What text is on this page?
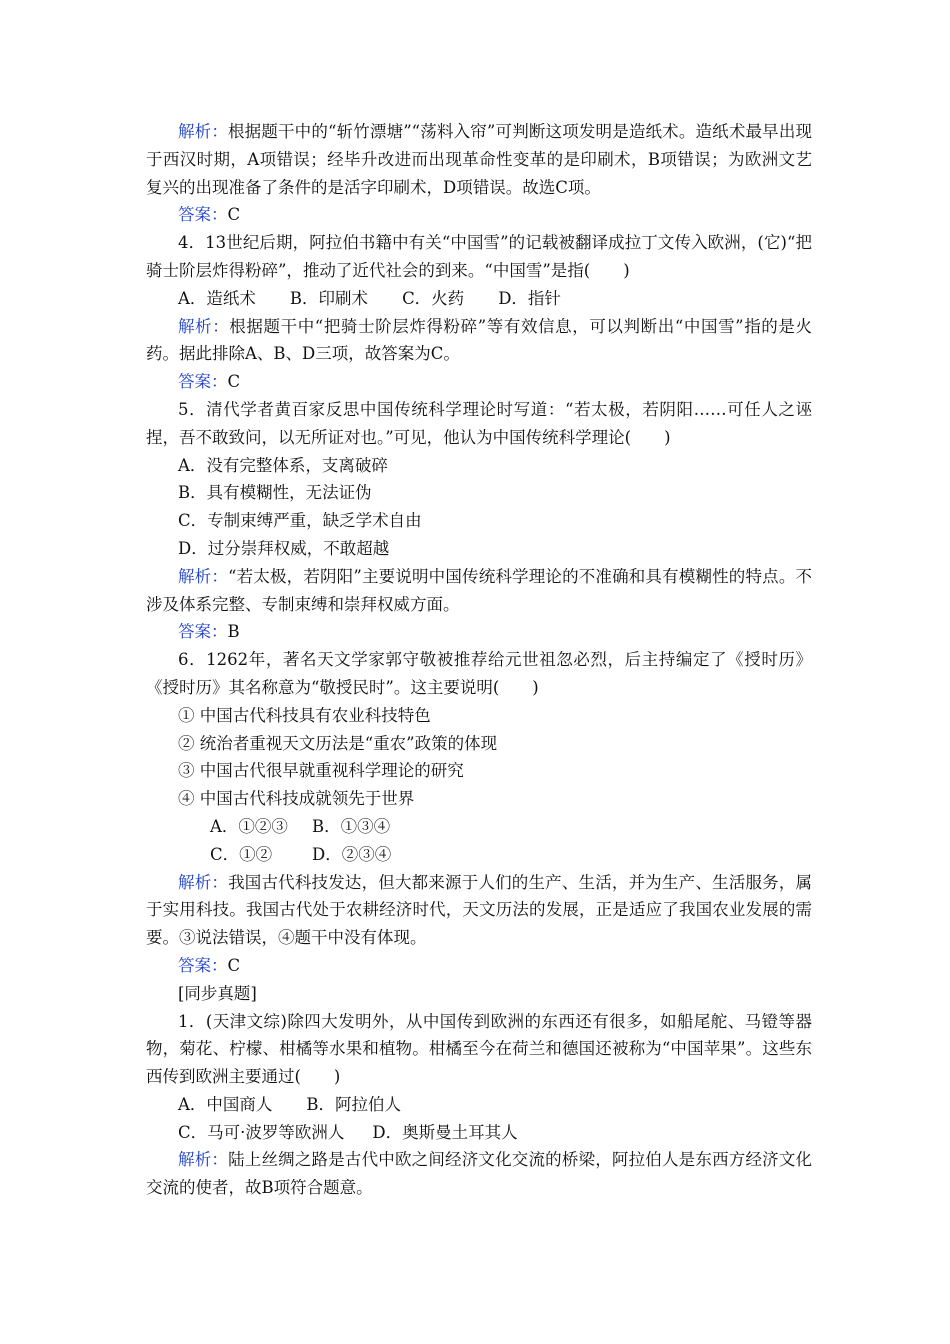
解析：根据题干中的“斩竹漂塘”“荡料入帘”可判断这项发明是造纸术。造纸术最早出现于西汉时期，A项错误；经毕升改进而出现革命性变革的是印刷术，B项错误；为欧洲文艺复兴的出现准备了条件的是活字印刷术，D项错误。故选C项。

答案：C

4．13世纪后期，阿拉伯书籍中有关“中国雪”的记载被翻译成拉丁文传入欧洲，(它)“把骑士阶层炸得粉碎”，推动了近代社会的到来。“中国雪”是指(　　)

A．造纸术 B．印刷术 C．火药 D．指针

解析：根据题干中“把骑士阶层炸得粉碎”等有效信息，可以判断出“中国雪”指的是火药。据此排除A、B、D三项，故答案为C。

答案：C

5．清代学者黄百家反思中国传统科学理论时写道：“若太极，若阴阳……可任人之诬捏，吾不敢致问，以无所证对也。”可见，他认为中国传统科学理论(　　)

A．没有完整体系，支离破碎

B．具有模糊性，无法证伪

C．专制束缚严重，缺乏学术自由

D．过分崇拜权威，不敢超越

解析：“若太极，若阴阳”主要说明中国传统科学理论的不准确和具有模糊性的特点。不涉及体系完整、专制束缚和崇拜权威方面。

答案：B

6．1262年，著名天文学家郭守敬被推荐给元世祖忽必烈，后主持编定了《授时历》《授时历》其名称意为“敬授民时”。这主要说明(　　)

① 中国古代科技具有农业科技特色

② 统治者重视天文历法是“重农”政策的体现

③ 中国古代很早就重视科学理论的研究

④ 中国古代科技成就领先于世界

A．①②③ B．①③④

C．①② D．②③④

解析：我国古代科技发达，但大都来源于人们的生产、生活，并为生产、生活服务，属于实用科技。我国古代处于农耕经济时代，天文历法的发展，正是适应了我国农业发展的需要。③说法错误，④题干中没有体现。

答案：C

[同步真题]

1．(天津文综)除四大发明外，从中国传到欧洲的东西还有很多，如船尾舵、马镫等器物，菊花、柠檬、柑橘等水果和植物。柑橘至今在荷兰和德国还被称为“中国苹果”。这些东西传到欧洲主要通过(　　)

A．中国商人 B．阿拉伯人

C．马可·波罗等欧洲人 D．奥斯曼土耳其人

解析：陆上丝绸之路是古代中欧之间经济文化交流的桥梁，阿拉伯人是东西方经济文化交流的使者，故B项符合题意。
